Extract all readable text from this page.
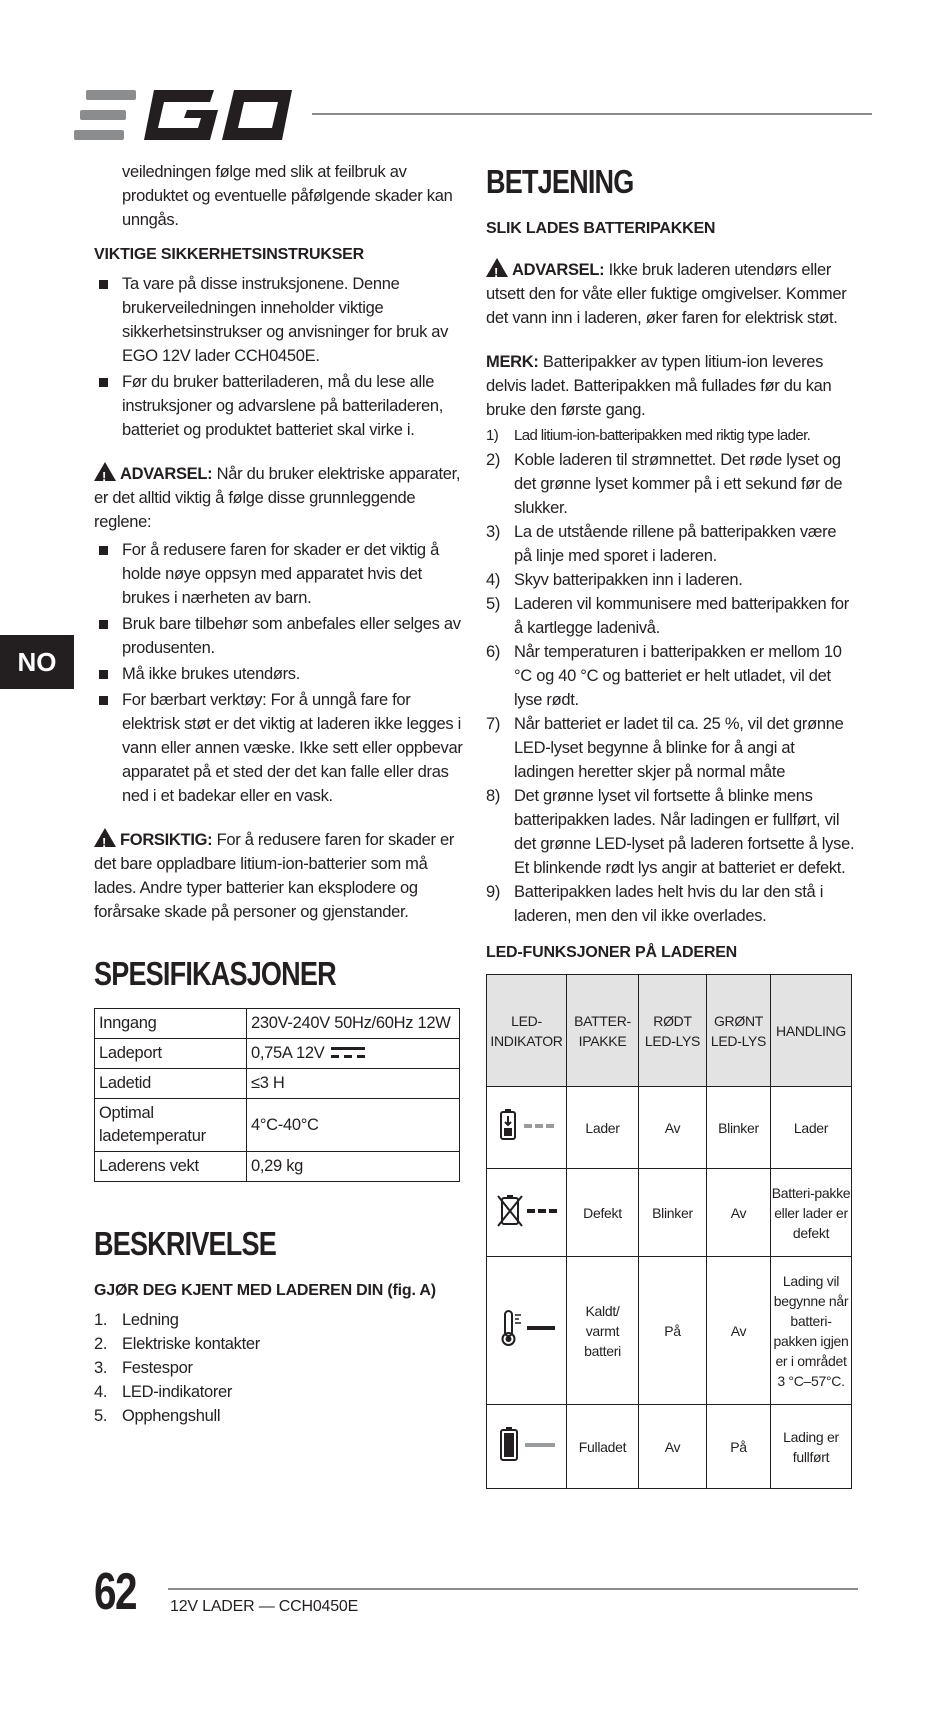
NO

veiledningen følge med slik at feilbruk av produktet og eventuelle påfølgende skader kan unngås.

VIKTIGE SIKKERHETSINSTRUKSER
Ta vare på disse instruksjonene. Denne brukerveiledningen inneholder viktige sikkerhetsinstrukser og anvisninger for bruk av EGO 12V lader CCH0450E.
Før du bruker batteriladeren, må du lese alle instruksjoner og advarslene på batteriladeren, batteriet og produktet batteriet skal virke i.

!ADVARSEL: Når du bruker elektriske apparater, er det alltid viktig å følge disse grunnleggende reglene:

For å redusere faren for skader er det viktig å holde nøye oppsyn med apparatet hvis det brukes i nærheten av barn.
Bruk bare tilbehør som anbefales eller selges av produsenten.
Må ikke brukes utendørs.
For bærbart verktøy: For å unngå fare for elektrisk støt er det viktig at laderen ikke legges i vann eller annen væske. Ikke sett eller oppbevar apparatet på et sted der det kan falle eller dras ned i et badekar eller en vask.

!FORSIKTIG: For å redusere faren for skader er det bare oppladbare litium-ion-batterier som må lades. Andre typer batterier kan eksplodere og forårsake skade på personer og gjenstander.

SPESIFIKASJONER
Inngang	230V-240V 50Hz/60Hz 12W
Ladeport	0,75A 12V
Ladetid	≤3 H
Optimal ladetemperatur	4°C-40°C
Laderens vekt	0,29 kg
BESKRIVELSE
GJØR DEG KJENT MED LADEREN DIN (fig. A)
1. Ledning
2. Elektriske kontakter
3. Festespor
4. LED-indikatorer
5. Opphengshull
BETJENING
SLIK LADES BATTERIPAKKEN

!ADVARSEL: Ikke bruk laderen utendørs eller utsett den for våte eller fuktige omgivelser. Kommer det vann inn i laderen, øker faren for elektrisk støt.

MERK: Batteripakker av typen litium-ion leveres delvis ladet. Batteripakken må fullades før du kan bruke den første gang.

1) Lad litium-ion-batteripakken med riktig type lader.
2) Koble laderen til strømnettet. Det røde lyset og det grønne lyset kommer på i ett sekund før de slukker.
3) La de utstående rillene på batteripakken være på linje med sporet i laderen.
4) Skyv batteripakken inn i laderen.
5) Laderen vil kommunisere med batteripakken for å kartlegge ladenivå.
6) Når temperaturen i batteripakken er mellom 10 °C og 40 °C og batteriet er helt utladet, vil det lyse rødt.
7) Når batteriet er ladet til ca. 25 %, vil det grønne LED-lyset begynne å blinke for å angi at ladingen heretter skjer på normal måte
8) Det grønne lyset vil fortsette å blinke mens batteripakken lades. Når ladingen er fullført, vil det grønne LED-lyset på laderen fortsette å lyse. Et blinkende rødt lys angir at batteriet er defekt.
9) Batteripakken lades helt hvis du lar den stå i laderen, men den vil ikke overlades.
LED-FUNKSJONER PÅ LADEREN
LED-INDIKATOR	BATTER-IPAKKE	RØDT LED-LYS	GRØNT LED-LYS	HANDLING
	Lader	Av	Blinker	Lader
	Defekt	Blinker	Av	Batteri-pakke eller lader er defekt
	Kaldt/ varmt batteri	På	Av	Lading vil begynne når batteri-pakken igjen er i området 3 °C–57°C.
	Fulladet	Av	På	Lading er fullført
62 12V LADER — CCH0450E
